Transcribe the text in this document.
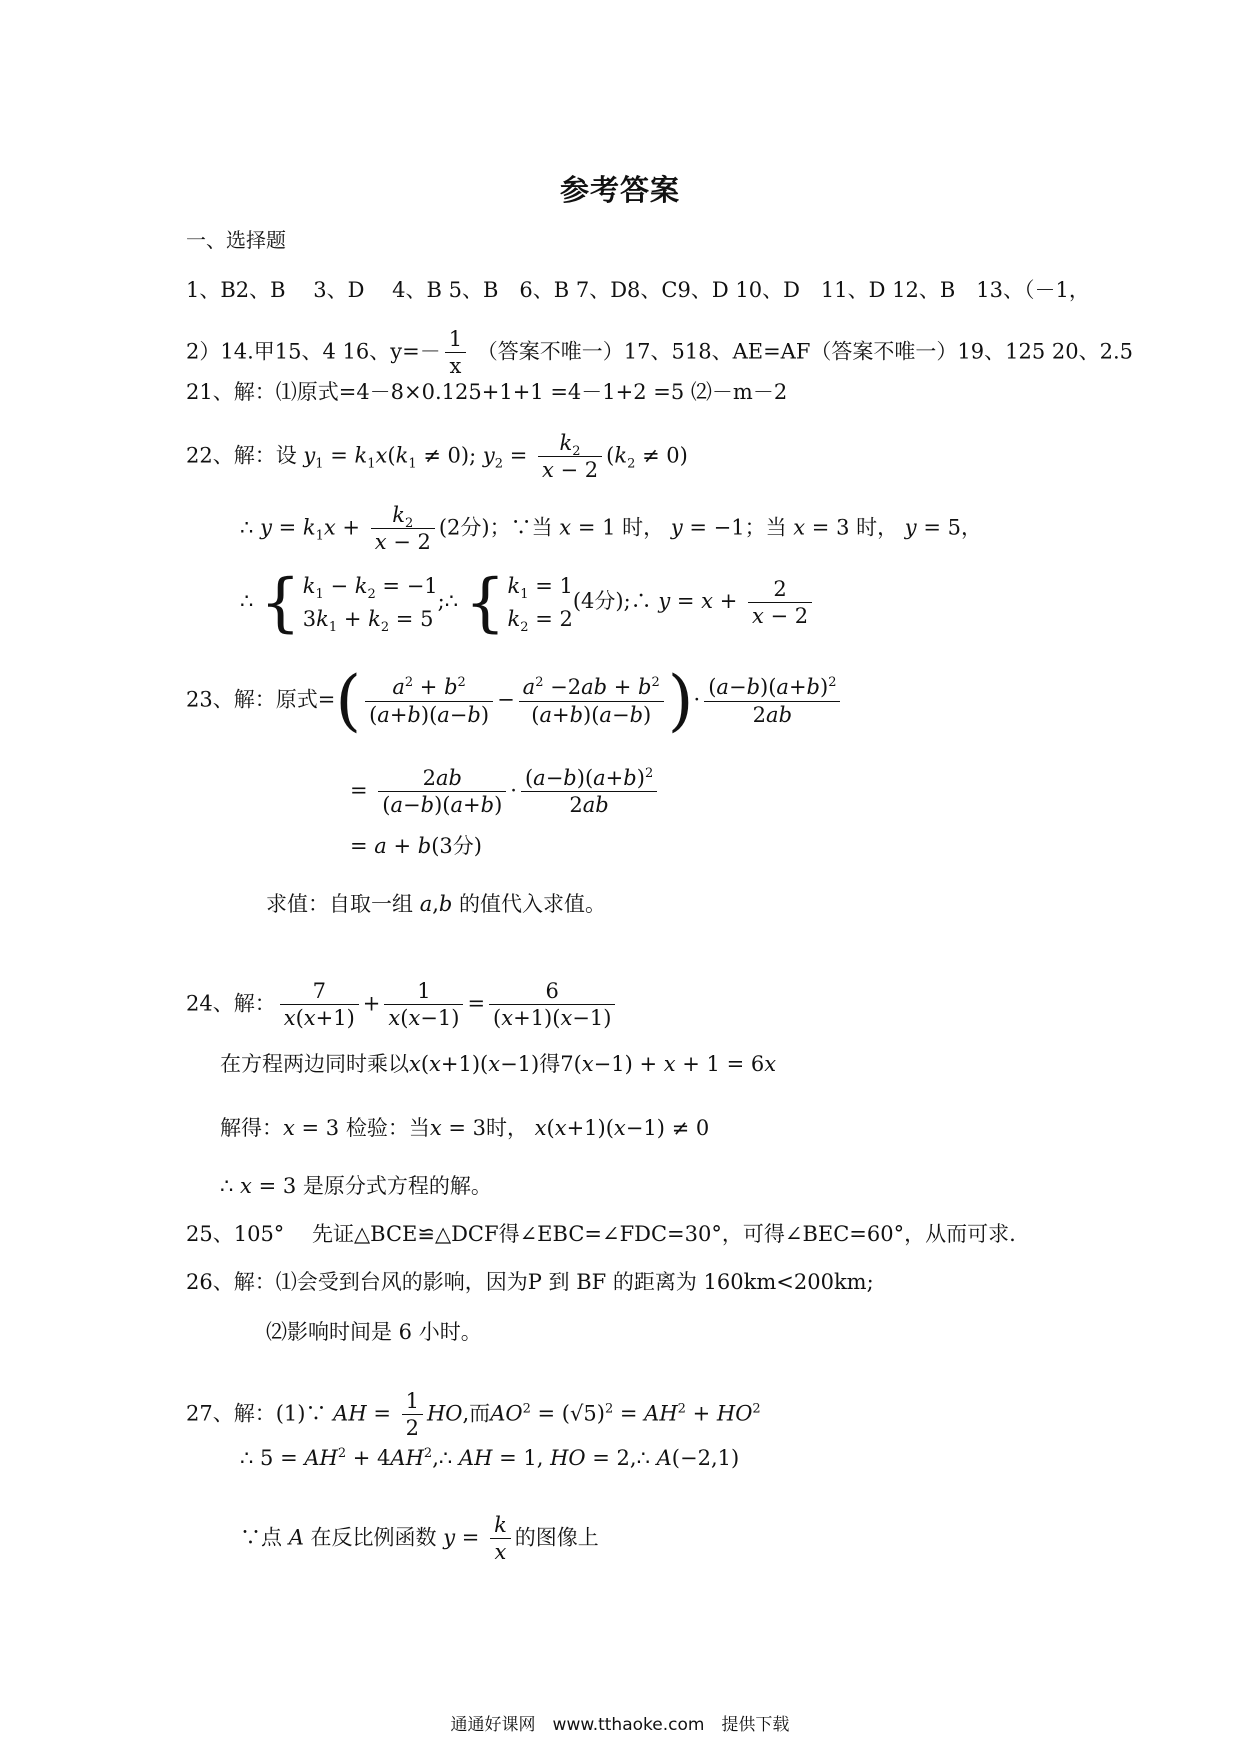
参考答案
一、选择题
1、B2、B　 3、D　 4、B 5、B　6、B 7、D8、C9、D 10、D　11、D 12、B　13、（－1，
2）14.甲15、4 16、$y=- \frac{1}{x}$ （答案不唯一）17、518、AE=AF（答案不唯一）19、125 20、2.5
21、解：⑴原式=4－8×0.125+1+1 =4－1+2 =5 ⑵－m－2
22、解：设 $y_1 = k_1x(k_1 \ne 0)$; $y_2 = \frac{k_2}{x - 2} (k_2 \ne 0)$
∴ $y = k_1x + \frac{k_2}{x - 2} (2$分)；∵当 x = 1 时， y = −1；当 x = 3 时， y = 5，
∴ { $k_1 - k_2 = -1$
$3k_1 + k_2 = 5$
;∴ { $k_1 = 1$
$k_2 = 2$
(4分);∴ $y = x + \frac{2}{x - 2}$
23、解：原式=( $\frac{a^2 + b^2}{(a+b)(a-b)} - \frac{a^2 -2ab + b^2}{(a+b)(a-b)}$ )· $\frac{(a-b)(a+b)^2}{2ab}$
= $\frac{2ab}{(a-b)(a+b)} \cdot \frac{(a-b)(a+b)^2}{2ab}$
= a + b(3分)
求值：自取一组 a,b 的值代入求值。
24、解： $\frac{7}{x(x+1)} + \frac{1}{x(x-1)} = \frac{6}{(x+1)(x-1)}$
在方程两边同时乘以x(x+1)(x−1)得7(x−1) + x + 1 = 6x
解得：x = 3 检验：当x = 3时， x(x+1)(x−1) ≠ 0
∴ x = 3 是原分式方程的解。
25、105°　 先证△BCE≌△DCF得∠EBC=∠FDC=30°，可得∠BEC=60°，从而可求.
26、解：⑴会受到台风的影响，因为P 到 BF 的距离为 160km<200km;
⑵影响时间是 6 小时。
27、解：(1)∵ AH = $\frac{1}{2}$ HO,而$AO^2 = (√5)^2 = AH^2 + HO^2$
∴ $5 = AH^2$ + $4AH^2,\therefore$ AH = 1, HO = 2,∴ A(−2,1)
∵点 A 在反比例函数 $y = \frac{k}{x}$ 的图像上
通通好课网　www.tthaoke.com　提供下载
